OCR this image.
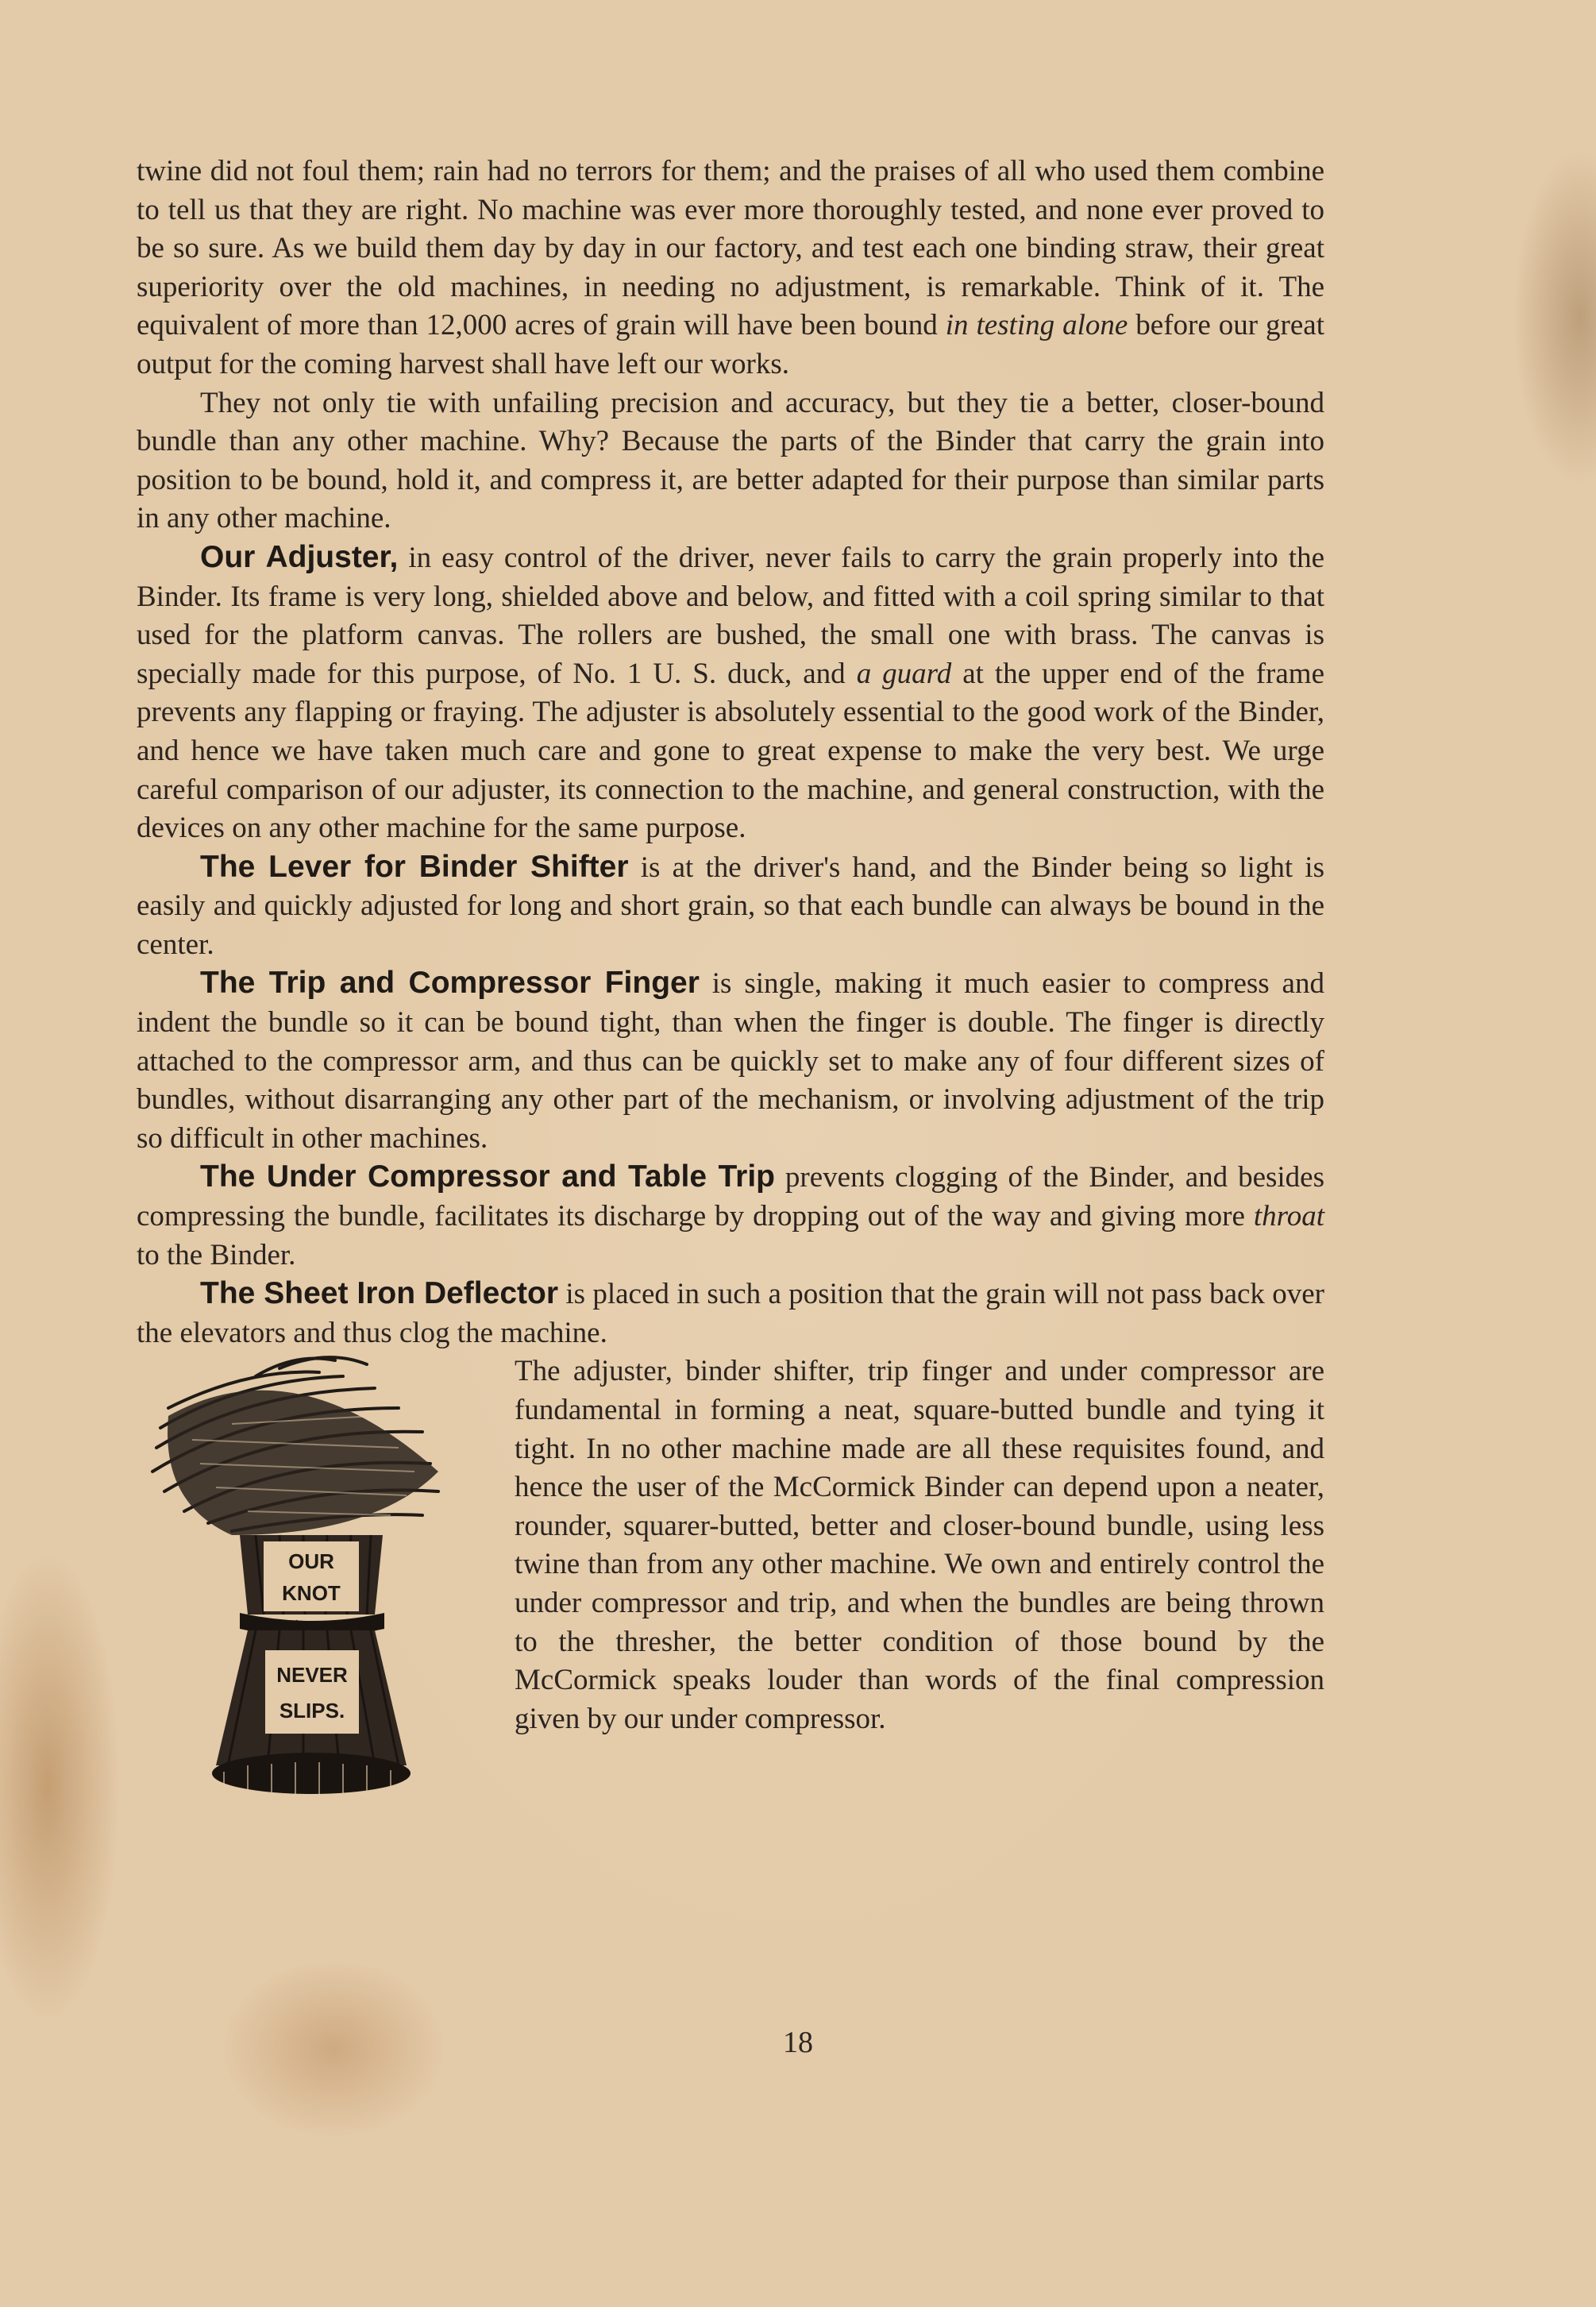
twine did not foul them; rain had no terrors for them; and the praises of all who used them combine to tell us that they are right. No machine was ever more thoroughly tested, and none ever proved to be so sure. As we build them day by day in our factory, and test each one binding straw, their great superiority over the old machines, in needing no adjustment, is remarkable. Think of it. The equivalent of more than 12,000 acres of grain will have been bound in testing alone before our great output for the coming harvest shall have left our works.

They not only tie with unfailing precision and accuracy, but they tie a better, closer-bound bundle than any other machine. Why? Because the parts of the Binder that carry the grain into position to be bound, hold it, and compress it, are better adapted for their purpose than similar parts in any other machine.

Our Adjuster, in easy control of the driver, never fails to carry the grain properly into the Binder. Its frame is very long, shielded above and below, and fitted with a coil spring similar to that used for the platform canvas. The rollers are bushed, the small one with brass. The canvas is specially made for this purpose, of No. 1 U. S. duck, and a guard at the upper end of the frame prevents any flapping or fraying. The adjuster is absolutely essential to the good work of the Binder, and hence we have taken much care and gone to great expense to make the very best. We urge careful comparison of our adjuster, its connection to the machine, and general construction, with the devices on any other machine for the same purpose.

The Lever for Binder Shifter is at the driver's hand, and the Binder being so light is easily and quickly adjusted for long and short grain, so that each bundle can always be bound in the center.

The Trip and Compressor Finger is single, making it much easier to compress and indent the bundle so it can be bound tight, than when the finger is double. The finger is directly attached to the compressor arm, and thus can be quickly set to make any of four different sizes of bundles, without disarranging any other part of the mechanism, or involving adjustment of the trip so difficult in other machines.

The Under Compressor and Table Trip prevents clogging of the Binder, and besides compressing the bundle, facilitates its discharge by dropping out of the way and giving more throat to the Binder.

The Sheet Iron Deflector is placed in such a position that the grain will not pass back over the elevators and thus clog the machine.

OUR
KNOT
NEVER
SLIPS.
The adjuster, binder shifter, trip finger and under compressor are fundamental in forming a neat, square-butted bundle and tying it tight. In no other machine made are all these requisites found, and hence the user of the McCormick Binder can depend upon a neater, rounder, squarer-butted, better and closer-bound bundle, using less twine than from any other machine. We own and entirely control the under compressor and trip, and when the bundles are being thrown to the thresher, the better condition of those bound by the McCormick speaks louder than words of the final compression given by our under compressor.

18
